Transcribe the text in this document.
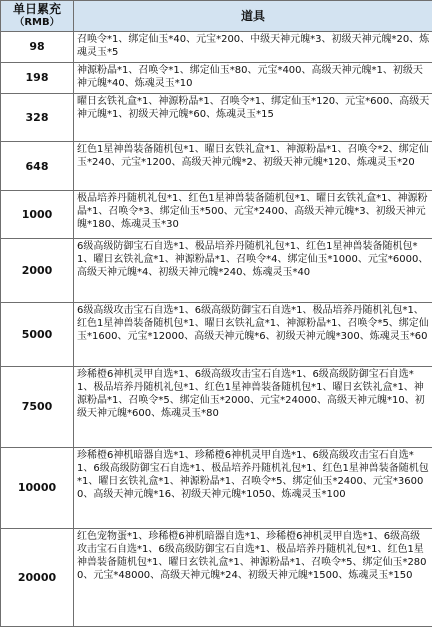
单日累充
（RMB）	道具
98	召唤令*1、绑定仙玉*40、元宝*200、中级天神元魄*3、初级天神元魄*20、炼魂灵玉*5
198	神源粉晶*1、召唤令*1、绑定仙玉*80、元宝*400、高级天神元魄*1、初级天神元魄*40、炼魂灵玉*10
328	曜日玄铁礼盒*1、神源粉晶*1、召唤令*1、绑定仙玉*120、元宝*600、高级天神元魄*1、初级天神元魄*60、炼魂灵玉*15
648	红色1星神兽装备随机包*1、曜日玄铁礼盒*1、神源粉晶*1、召唤令*2、绑定仙玉*240、元宝*1200、高级天神元魄*2、初级天神元魄*120、炼魂灵玉*20
1000	极品培养丹随机礼包*1、红色1星神兽装备随机包*1、曜日玄铁礼盒*1、神源粉晶*1、召唤令*3、绑定仙玉*500、元宝*2400、高级天神元魄*3、初级天神元魄*180、炼魂灵玉*30
2000	6级高级防御宝石自选*1、极品培养丹随机礼包*1、红色1星神兽装备随机包*1、曜日玄铁礼盒*1、神源粉晶*1、召唤令*4、绑定仙玉*1000、元宝*6000、高级天神元魄*4、初级天神元魄*240、炼魂灵玉*40
5000	6级高级攻击宝石自选*1、6级高级防御宝石自选*1、极品培养丹随机礼包*1、红色1星神兽装备随机包*1、曜日玄铁礼盒*1、神源粉晶*1、召唤令*5、绑定仙玉*1600、元宝*12000、高级天神元魄*6、初级天神元魄*300、炼魂灵玉*60
7500	珍稀橙6神机灵甲自选*1、6级高级攻击宝石自选*1、6级高级防御宝石自选*1、极品培养丹随机礼包*1、红色1星神兽装备随机包*1、曜日玄铁礼盒*1、神源粉晶*1、召唤令*5、绑定仙玉*2000、元宝*24000、高级天神元魄*10、初级天神元魄*600、炼魂灵玉*80
10000	珍稀橙6神机暗器自选*1、珍稀橙6神机灵甲自选*1、6级高级攻击宝石自选*1、6级高级防御宝石自选*1、极品培养丹随机礼包*1、红色1星神兽装备随机包*1、曜日玄铁礼盒*1、神源粉晶*1、召唤令*5、绑定仙玉*2400、元宝*36000、高级天神元魄*16、初级天神元魄*1050、炼魂灵玉*100
20000	红色宠物蛋*1、珍稀橙6神机暗器自选*1、珍稀橙6神机灵甲自选*1、6级高级攻击宝石自选*1、6级高级防御宝石自选*1、极品培养丹随机礼包*1、红色1星神兽装备随机包*1、曜日玄铁礼盒*1、神源粉晶*1、召唤令*5、绑定仙玉*2800、元宝*48000、高级天神元魄*24、初级天神元魄*1500、炼魂灵玉*150
